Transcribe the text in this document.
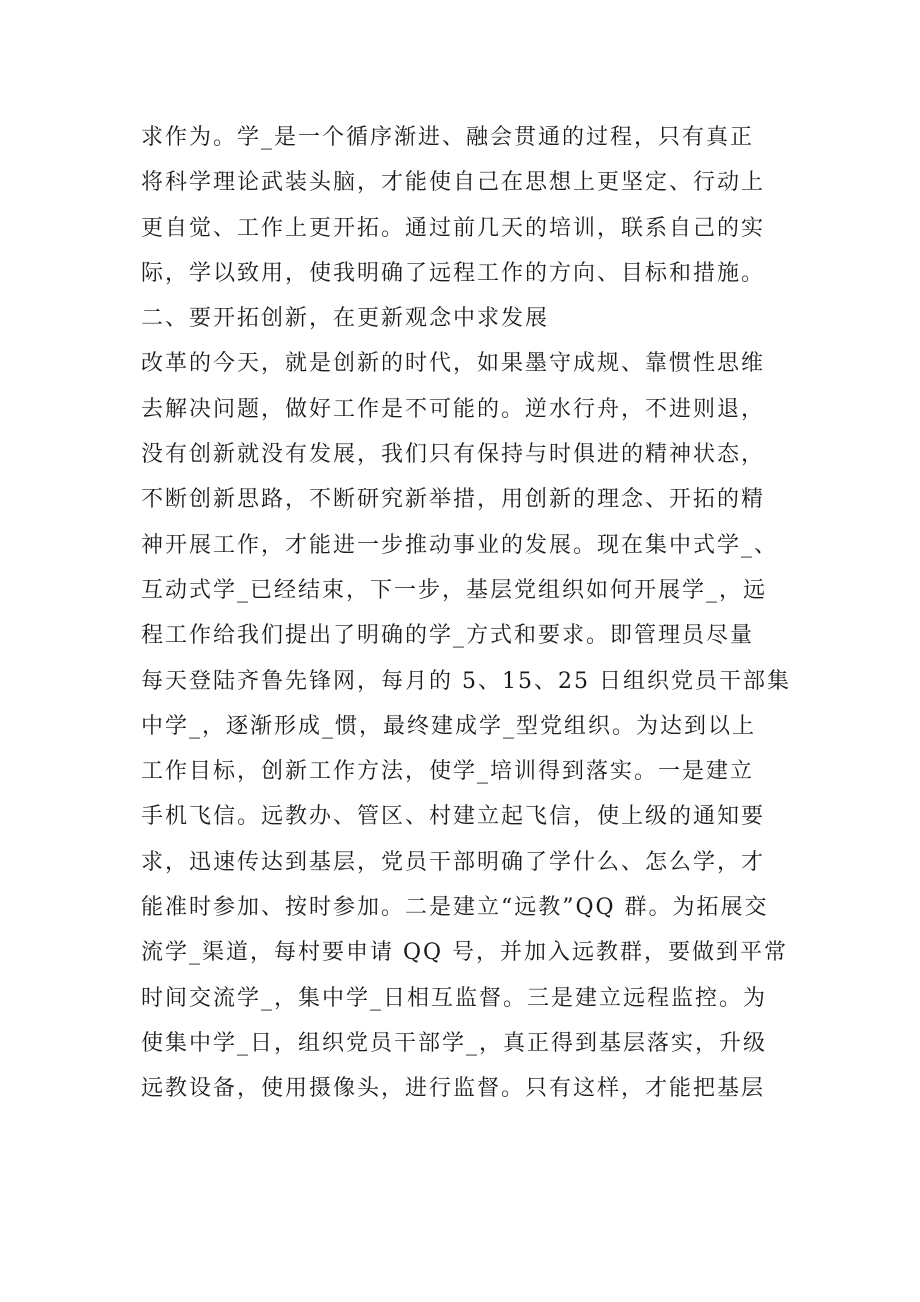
求作为。学_是一个循序渐进、融会贯通的过程，只有真正
将科学理论武装头脑，才能使自己在思想上更坚定、行动上
更自觉、工作上更开拓。通过前几天的培训，联系自己的实
际，学以致用，使我明确了远程工作的方向、目标和措施。
二、要开拓创新，在更新观念中求发展
改革的今天，就是创新的时代，如果墨守成规、靠惯性思维
去解决问题，做好工作是不可能的。逆水行舟，不进则退，
没有创新就没有发展，我们只有保持与时俱进的精神状态，
不断创新思路，不断研究新举措，用创新的理念、开拓的精
神开展工作，才能进一步推动事业的发展。现在集中式学_、
互动式学_已经结束，下一步，基层党组织如何开展学_，远
程工作给我们提出了明确的学_方式和要求。即管理员尽量
每天登陆齐鲁先锋网，每月的 5、15、25 日组织党员干部集
中学_，逐渐形成_惯，最终建成学_型党组织。为达到以上
工作目标，创新工作方法，使学_培训得到落实。一是建立
手机飞信。远教办、管区、村建立起飞信，使上级的通知要
求，迅速传达到基层，党员干部明确了学什么、怎么学，才
能准时参加、按时参加。二是建立“远教”QQ 群。为拓展交
流学_渠道，每村要申请 QQ 号，并加入远教群，要做到平常
时间交流学_，集中学_日相互监督。三是建立远程监控。为
使集中学_日，组织党员干部学_，真正得到基层落实，升级
远教设备，使用摄像头，进行监督。只有这样，才能把基层
